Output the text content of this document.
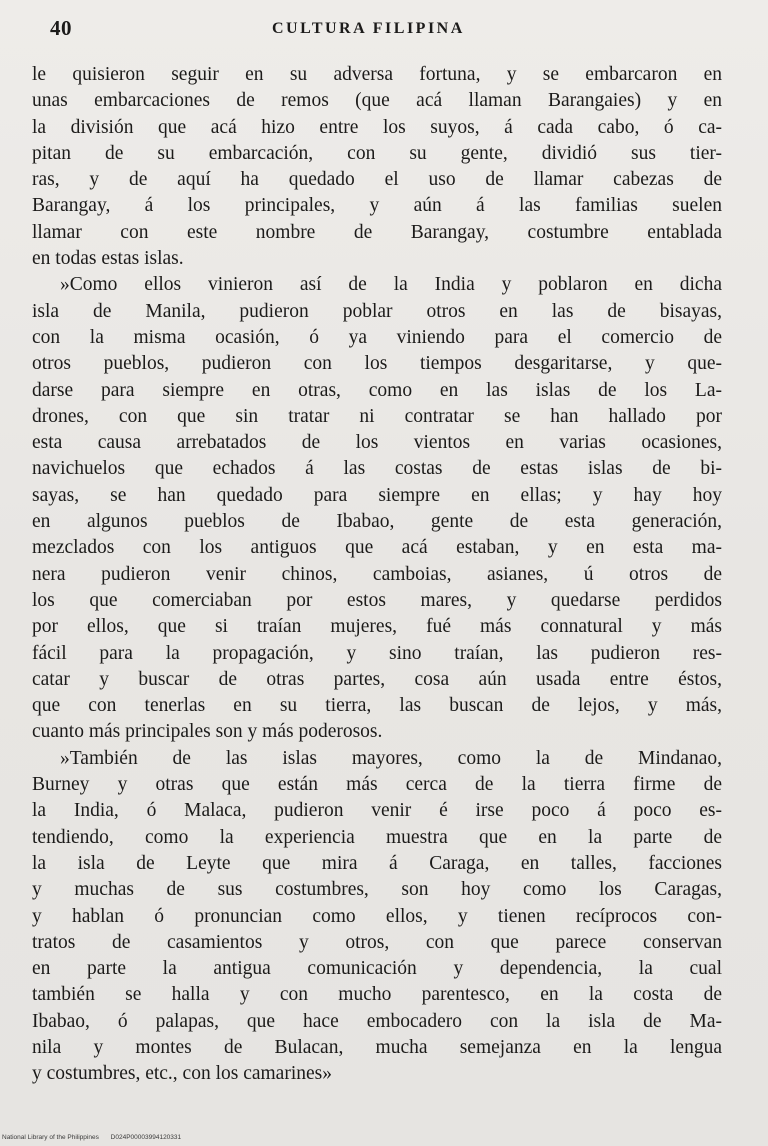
40	CULTURA FILIPINA
le quisieron seguir en su adversa fortuna, y se embarcaron en
unas embarcaciones de remos (que acá llaman Barangaies) y en
la división que acá hizo entre los suyos, á cada cabo, ó ca-
pitan de su embarcación, con su gente, dividió sus tier-
ras, y de aquí ha quedado el uso de llamar cabezas de
Barangay, á los principales, y aún á las familias suelen
llamar con este nombre de Barangay, costumbre entablada
en todas estas islas.
»Como ellos vinieron así de la India y poblaron en dicha
isla de Manila, pudieron poblar otros en las de bisayas,
con la misma ocasión, ó ya viniendo para el comercio de
otros pueblos, pudieron con los tiempos desgaritarse, y que-
darse para siempre en otras, como en las islas de los La-
drones, con que sin tratar ni contratar se han hallado por
esta causa arrebatados de los vientos en varias ocasiones,
navichuelos que echados á las costas de estas islas de bi-
sayas, se han quedado para siempre en ellas; y hay hoy
en algunos pueblos de Ibabao, gente de esta generación,
mezclados con los antiguos que acá estaban, y en esta ma-
nera pudieron venir chinos, camboias, asianes, ú otros de
los que comerciaban por estos mares, y quedarse perdidos
por ellos, que si traían mujeres, fué más connatural y más
fácil para la propagación, y sino traían, las pudieron res-
catar y buscar de otras partes, cosa aún usada entre éstos,
que con tenerlas en su tierra, las buscan de lejos, y más,
cuanto más principales son y más poderosos.
»También de las islas mayores, como la de Mindanao,
Burney y otras que están más cerca de la tierra firme de
la India, ó Malaca, pudieron venir é irse poco á poco es-
tendiendo, como la experiencia muestra que en la parte de
la isla de Leyte que mira á Caraga, en talles, facciones
y muchas de sus costumbres, son hoy como los Caragas,
y hablan ó pronuncian como ellos, y tienen recíprocos con-
tratos de casamientos y otros, con que parece conservan
en parte la antigua comunicación y dependencia, la cual
también se halla y con mucho parentesco, en la costa de
Ibabao, ó palapas, que hace embocadero con la isla de Ma-
nila y montes de Bulacan, mucha semejanza en la lengua
y costumbres, etc., con los camarines»
National Library of the Philippines D024P00003994120331
